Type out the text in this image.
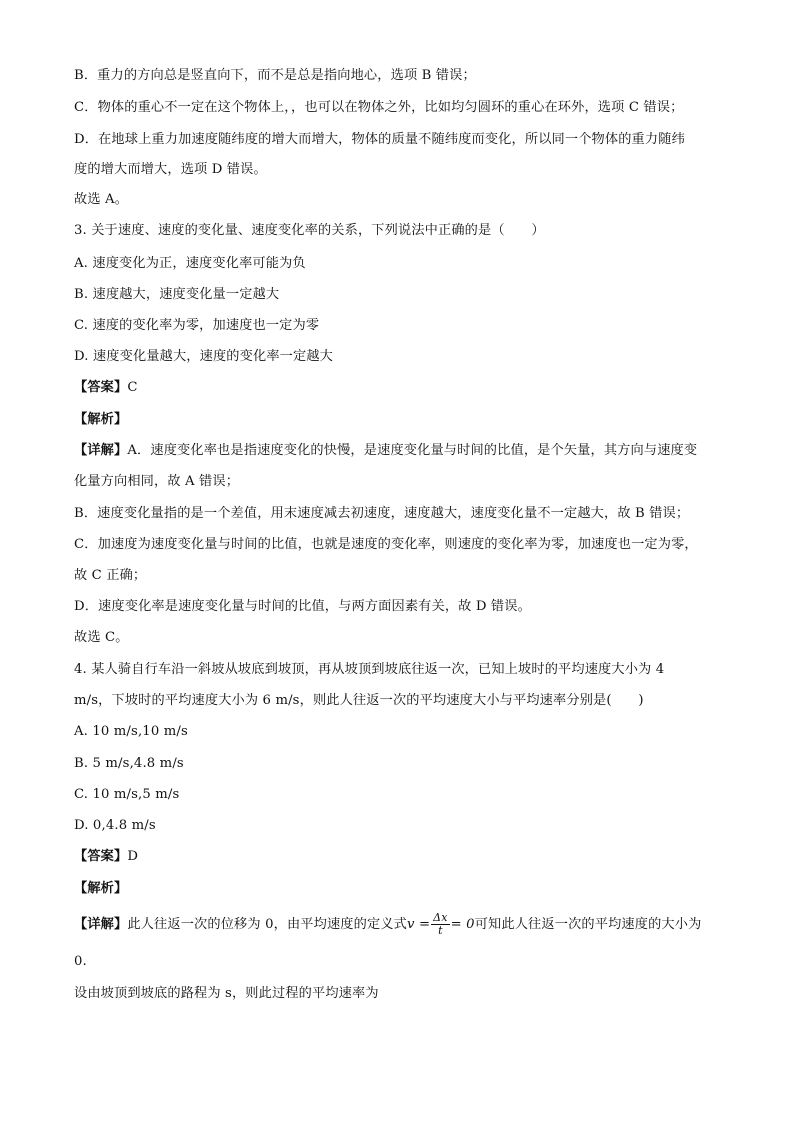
B．重力的方向总是竖直向下，而不是总是指向地心，选项 B 错误；
C．物体的重心不一定在这个物体上，，也可以在物体之外，比如均匀圆环的重心在环外，选项 C 错误；
D．在地球上重力加速度随纬度的增大而增大，物体的质量不随纬度而变化，所以同一个物体的重力随纬
度的增大而增大，选项 D 错误。
故选 A。
3. 关于速度、速度的变化量、速度变化率的关系，下列说法中正确的是（　　）
A. 速度变化为正，速度变化率可能为负
B. 速度越大，速度变化量一定越大
C. 速度的变化率为零，加速度也一定为零
D. 速度变化量越大，速度的变化率一定越大
【答案】C
【解析】
【详解】A．速度变化率也是指速度变化的快慢，是速度变化量与时间的比值，是个矢量，其方向与速度变
化量方向相同，故 A 错误；
B．速度变化量指的是一个差值，用末速度减去初速度，速度越大，速度变化量不一定越大，故 B 错误；
C．加速度为速度变化量与时间的比值，也就是速度的变化率，则速度的变化率为零，加速度也一定为零，
故 C 正确；
D．速度变化率是速度变化量与时间的比值，与两方面因素有关，故 D 错误。
故选 C。
4. 某人骑自行车沿一斜坡从坡底到坡顶，再从坡顶到坡底往返一次，已知上坡时的平均速度大小为 4
m/s，下坡时的平均速度大小为 6 m/s，则此人往返一次的平均速度大小与平均速率分别是(　　)
A. 10 m/s,10 m/s
B. 5 m/s,4.8 m/s
C. 10 m/s,5 m/s
D. 0,4.8 m/s
【答案】D
【解析】
【详解】此人往返一次的位移为 0，由平均速度的定义式$v = \frac{\Delta x}{t} = 0$可知此人往返一次的平均速度的大小为
0.
设由坡顶到坡底的路程为 s，则此过程的平均速率为
